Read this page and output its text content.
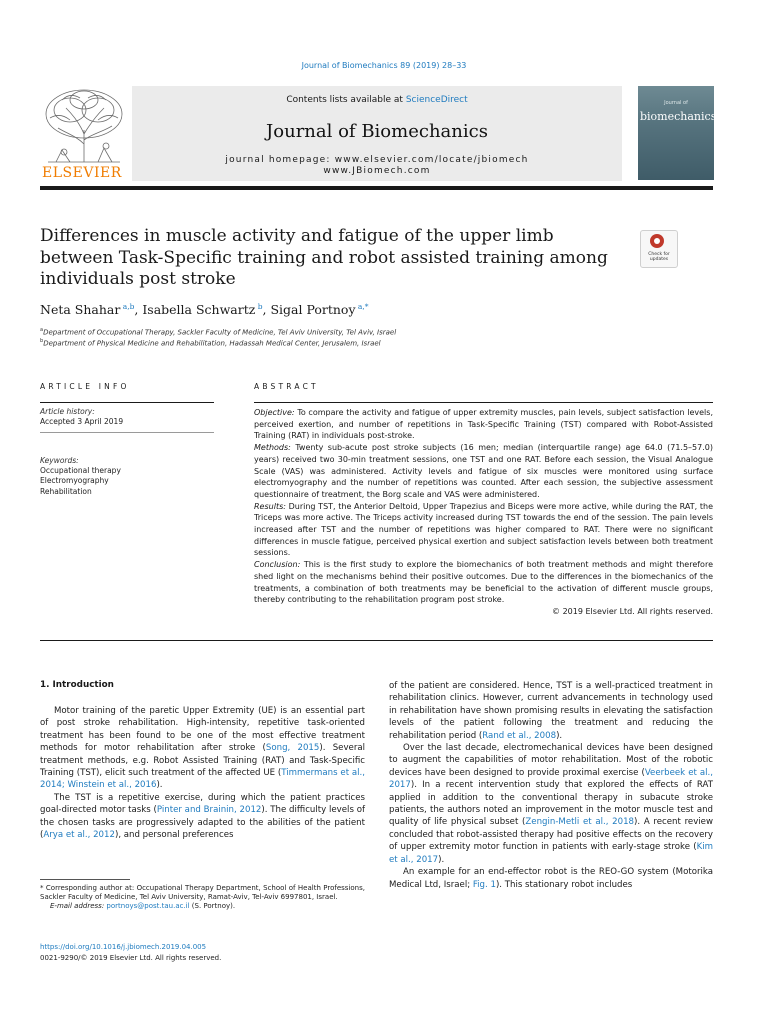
Journal of Biomechanics 89 (2019) 28–33
ELSEVIER
Contents lists available at ScienceDirect
Journal of Biomechanics
journal homepage: www.elsevier.com/locate/jbiomech
www.JBiomech.com
Journal of
biomechanics
Differences in muscle activity and fatigue of the upper limb between Task-Specific training and robot assisted training among individuals post stroke
Check for updates
Neta Shahar $^{a,b}$, Isabella Schwartz $^b$, Sigal Portnoy $^{a,*}$
$^a$Department of Occupational Therapy, Sackler Faculty of Medicine, Tel Aviv University, Tel Aviv, Israel
$^b$Department of Physical Medicine and Rehabilitation, Hadassah Medical Center, Jerusalem, Israel
ARTICLE INFO
Article history:
Accepted 3 April 2019
Keywords:
Occupational therapy
Electromyography
Rehabilitation
ABSTRACT

Objective: To compare the activity and fatigue of upper extremity muscles, pain levels, subject satisfaction levels, perceived exertion, and number of repetitions in Task-Specific Training (TST) compared with Robot-Assisted Training (RAT) in individuals post-stroke.

Methods: Twenty sub-acute post stroke subjects (16 men; median (interquartile range) age 64.0 (71.5–57.0) years) received two 30-min treatment sessions, one TST and one RAT. Before each session, the Visual Analogue Scale (VAS) was administered. Activity levels and fatigue of six muscles were monitored using surface electromyography and the number of repetitions was counted. After each session, the subjective assessment questionnaire of treatment, the Borg scale and VAS were administered.

Results: During TST, the Anterior Deltoid, Upper Trapezius and Biceps were more active, while during the RAT, the Triceps was more active. The Triceps activity increased during TST towards the end of the session. The pain levels increased after TST and the number of repetitions was higher compared to RAT. There were no significant differences in muscle fatigue, perceived physical exertion and subject satisfaction levels between both treatment sessions.

Conclusion: This is the first study to explore the biomechanics of both treatment methods and might therefore shed light on the mechanisms behind their positive outcomes. Due to the differences in the biomechanics of the treatments, a combination of both treatments may be beneficial to the activation of different muscle groups, thereby contributing to the rehabilitation program post stroke.

© 2019 Elsevier Ltd. All rights reserved.

1. Introduction

Motor training of the paretic Upper Extremity (UE) is an essential part of post stroke rehabilitation. High-intensity, repetitive task-oriented treatment has been found to be one of the most effective treatment methods for motor rehabilitation after stroke (Song, 2015). Several treatment methods, e.g. Robot Assisted Training (RAT) and Task-Specific Training (TST), elicit such treatment of the affected UE (Timmermans et al., 2014; Winstein et al., 2016).

The TST is a repetitive exercise, during which the patient practices goal-directed motor tasks (Pinter and Brainin, 2012). The difficulty levels of the chosen tasks are progressively adapted to the abilities of the patient (Arya et al., 2012), and personal preferences

of the patient are considered. Hence, TST is a well-practiced treatment in rehabilitation clinics. However, current advancements in technology used in rehabilitation have shown promising results in elevating the satisfaction levels of the patient following the treatment and reducing the rehabilitation period (Rand et al., 2008).

Over the last decade, electromechanical devices have been designed to augment the capabilities of motor rehabilitation. Most of the robotic devices have been designed to provide proximal exercise (Veerbeek et al., 2017). In a recent intervention study that explored the effects of RAT applied in addition to the conventional therapy in subacute stroke patients, the authors noted an improvement in the motor muscle test and quality of life physical subset (Zengin-Metli et al., 2018). A recent review concluded that robot-assisted therapy had positive effects on the recovery of upper extremity motor function in patients with early-stage stroke (Kim et al., 2017).

An example for an end-effector robot is the REO-GO system (Motorika Medical Ltd, Israel; Fig. 1). This stationary robot includes

* Corresponding author at: Occupational Therapy Department, School of Health Professions, Sackler Faculty of Medicine, Tel Aviv University, Ramat-Aviv, Tel-Aviv 6997801, Israel.
E-mail address: portnoys@post.tau.ac.il (S. Portnoy).
https://doi.org/10.1016/j.jbiomech.2019.04.005
0021-9290/© 2019 Elsevier Ltd. All rights reserved.
